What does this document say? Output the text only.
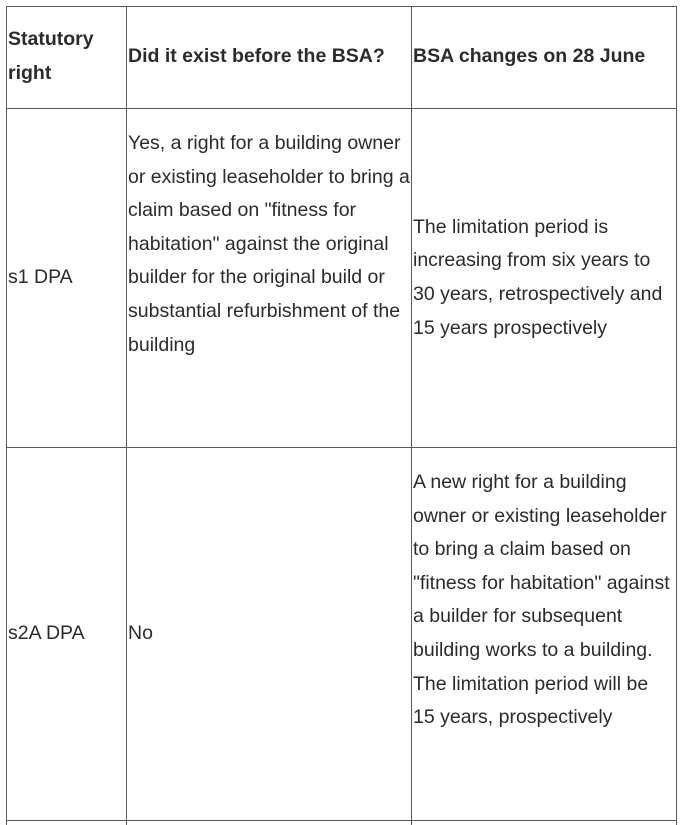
Statutory right
Did it exist before the BSA? BSA changes on 28 June
s1 DPA
Yes, a right for a building owner or existing leaseholder to bring a claim based on "fitness for habitation" against the original builder for the original build or substantial refurbishment of the building
The limitation period is increasing from six years to 30 years, retrospectively and 15 years prospectively
s2A DPA No
A new right for a building owner or existing leaseholder to bring a claim based on "fitness for habitation" against a builder for subsequent building works to a building. The limitation period will be 15 years, prospectively
